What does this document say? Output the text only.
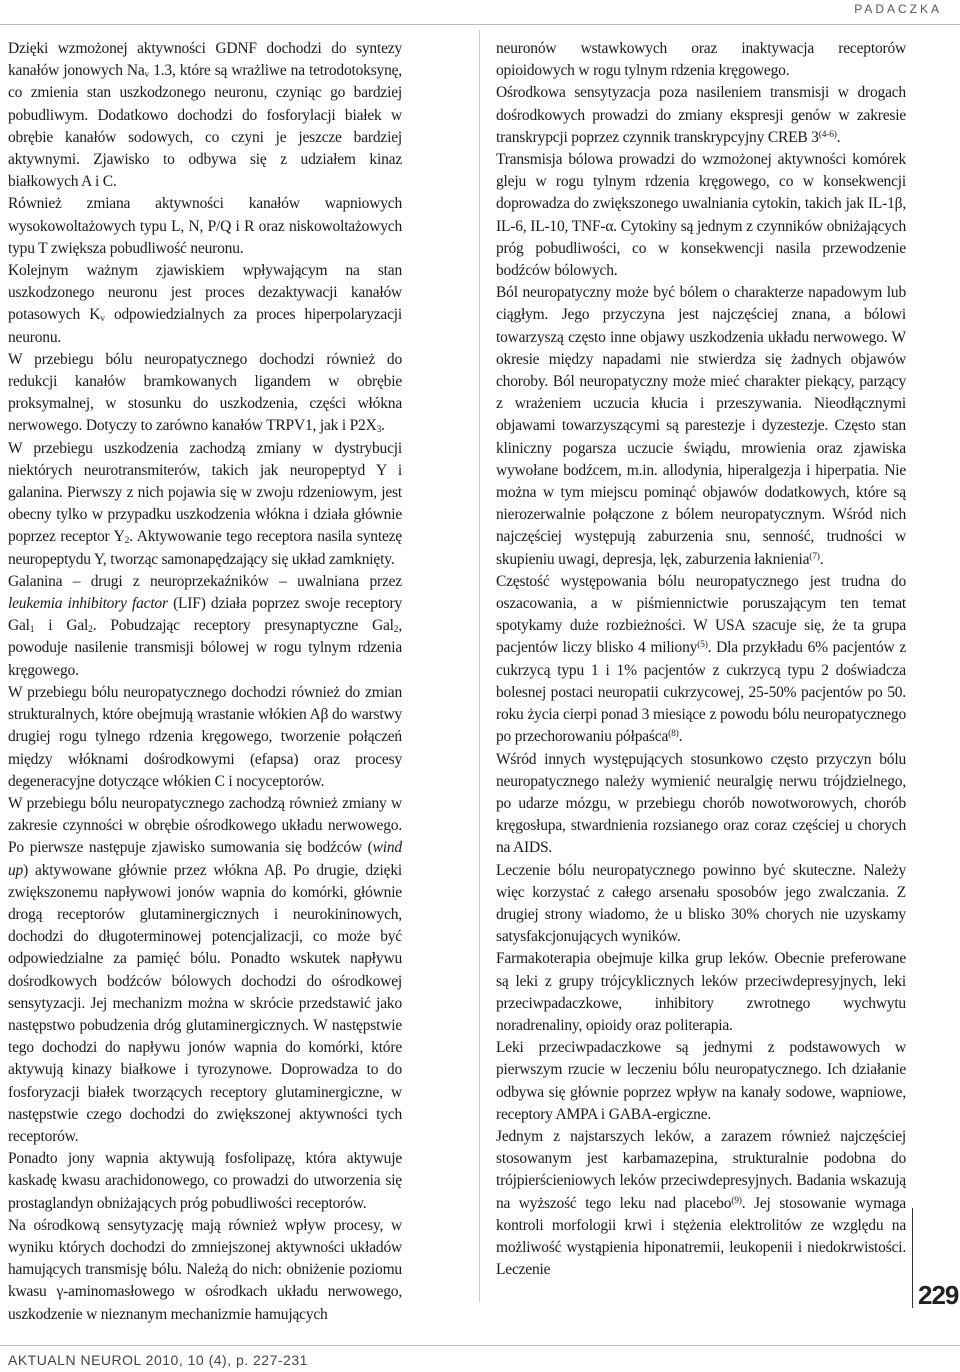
PADACZKA

Dzięki wzmożonej aktywności GDNF dochodzi do syntezy kanałów jonowych $Na_v$ 1.3, które są wrażliwe na tetrodotoksynę, co zmienia stan uszkodzonego neuronu, czyniąc go bardziej pobudliwym. Dodatkowo dochodzi do fosforylacji białek w obrębie kanałów sodowych, co czyni je jeszcze bardziej aktywnymi. Zjawisko to odbywa się z udziałem kinaz białkowych A i C.

Również zmiana aktywności kanałów wapniowych wysokowoltażowych typu L, N, P/Q i R oraz niskowoltażowych typu T zwiększa pobudliwość neuronu.

Kolejnym ważnym zjawiskiem wpływającym na stan uszkodzonego neuronu jest proces dezaktywacji kanałów potasowych $K_v$ odpowiedzialnych za proces hiperpolaryzacji neuronu.

W przebiegu bólu neuropatycznego dochodzi również do redukcji kanałów bramkowanych ligandem w obrębie proksymalnej, w stosunku do uszkodzenia, części włókna nerwowego. Dotyczy to zarówno kanałów TRPV1, jak i $P2X_3$.

W przebiegu uszkodzenia zachodzą zmiany w dystrybucji niektórych neurotransmiterów, takich jak neuropeptyd Y i galanina. Pierwszy z nich pojawia się w zwoju rdzeniowym, jest obecny tylko w przypadku uszkodzenia włókna i działa głównie poprzez receptor $Y_2$. Aktywowanie tego receptora nasila syntezę neuropeptydu Y, tworząc samonapędzający się układ zamknięty.

Galanina – drugi z neuroprzekaźników – uwalniana przez leukemia inhibitory factor (LIF) działa poprzez swoje receptory Gal$_1$ i Gal$_2$. Pobudzając receptory presynaptyczne Gal$_2$, powoduje nasilenie transmisji bólowej w rogu tylnym rdzenia kręgowego.

W przebiegu bólu neuropatycznego dochodzi również do zmian strukturalnych, które obejmują wrastanie włókien Aβ do warstwy drugiej rogu tylnego rdzenia kręgowego, tworzenie połączeń między włóknami dośrodkowymi (efapsa) oraz procesy degeneracyjne dotyczące włókien C i nocyceptorów.

W przebiegu bólu neuropatycznego zachodzą również zmiany w zakresie czynności w obrębie ośrodkowego układu nerwowego. Po pierwsze następuje zjawisko sumowania się bodźców (wind up) aktywowane głównie przez włókna Aβ. Po drugie, dzięki zwiększonemu napływowi jonów wapnia do komórki, głównie drogą receptorów glutaminergicznych i neurokininowych, dochodzi do długoterminowej potencjalizacji, co może być odpowiedzialne za pamięć bólu. Ponadto wskutek napływu dośrodkowych bodźców bólowych dochodzi do ośrodkowej sensytyzacji. Jej mechanizm można w skrócie przedstawić jako następstwo pobudzenia dróg glutaminergicznych. W następstwie tego dochodzi do napływu jonów wapnia do komórki, które aktywują kinazy białkowe i tyrozynowe. Doprowadza to do fosforyzacji białek tworzących receptory glutaminergiczne, w następstwie czego dochodzi do zwiększonej aktywności tych receptorów.

Ponadto jony wapnia aktywują fosfolipazę, która aktywuje kaskadę kwasu arachidonowego, co prowadzi do utworzenia się prostaglandyn obniżających próg pobudliwości receptorów.

Na ośrodkową sensytyzację mają również wpływ procesy, w wyniku których dochodzi do zmniejszonej aktywności układów hamujących transmisję bólu. Należą do nich: obniżenie poziomu kwasu γ-aminomasłowego w ośrodkach układu nerwowego, uszkodzenie w nieznanym mechanizmie hamujących

neuronów wstawkowych oraz inaktywacja receptorów opioidowych w rogu tylnym rdzenia kręgowego.

Ośrodkowa sensytyzacja poza nasileniem transmisji w drogach dośrodkowych prowadzi do zmiany ekspresji genów w zakresie transkrypcji poprzez czynnik transkrypcyjny CREB 3$^{(4-6)}$.

Transmisja bólowa prowadzi do wzmożonej aktywności komórek gleju w rogu tylnym rdzenia kręgowego, co w konsekwencji doprowadza do zwiększonego uwalniania cytokin, takich jak IL-1β, IL-6, IL-10, TNF-α. Cytokiny są jednym z czynników obniżających próg pobudliwości, co w konsekwencji nasila przewodzenie bodźców bólowych.

Ból neuropatyczny może być bólem o charakterze napadowym lub ciągłym. Jego przyczyna jest najczęściej znana, a bólowi towarzyszą często inne objawy uszkodzenia układu nerwowego. W okresie między napadami nie stwierdza się żadnych objawów choroby. Ból neuropatyczny może mieć charakter piekący, parzący z wrażeniem uczucia kłucia i przeszywania. Nieodłącznymi objawami towarzyszącymi są parestezje i dyzestezje. Często stan kliniczny pogarsza uczucie świądu, mrowienia oraz zjawiska wywołane bodźcem, m.in. allodynia, hiperalgezja i hiperpatia. Nie można w tym miejscu pominąć objawów dodatkowych, które są nierozerwalnie połączone z bólem neuropatycznym. Wśród nich najczęściej występują zaburzenia snu, senność, trudności w skupieniu uwagi, depresja, lęk, zaburzenia łaknienia$^{(7)}$.

Częstość występowania bólu neuropatycznego jest trudna do oszacowania, a w piśmiennictwie poruszającym ten temat spotykamy duże rozbieżności. W USA szacuje się, że ta grupa pacjentów liczy blisko 4 miliony$^{(5)}$. Dla przykładu 6% pacjentów z cukrzycą typu 1 i 1% pacjentów z cukrzycą typu 2 doświadcza bolesnej postaci neuropatii cukrzycowej, 25-50% pacjentów po 50. roku życia cierpi ponad 3 miesiące z powodu bólu neuropatycznego po przechorowaniu półpaśca$^{(8)}$.

Wśród innych występujących stosunkowo często przyczyn bólu neuropatycznego należy wymienić neuralgię nerwu trójdzielnego, po udarze mózgu, w przebiegu chorób nowotworowych, chorób kręgosłupa, stwardnienia rozsianego oraz coraz częściej u chorych na AIDS.

Leczenie bólu neuropatycznego powinno być skuteczne. Należy więc korzystać z całego arsenału sposobów jego zwalczania. Z drugiej strony wiadomo, że u blisko 30% chorych nie uzyskamy satysfakcjonujących wyników.

Farmakoterapia obejmuje kilka grup leków. Obecnie preferowane są leki z grupy trójcyklicznych leków przeciwdepresyjnych, leki przeciwpadaczkowe, inhibitory zwrotnego wychwytu noradrenaliny, opioidy oraz politerapia.

Leki przeciwpadaczkowe są jednymi z podstawowych w pierwszym rzucie w leczeniu bólu neuropatycznego. Ich działanie odbywa się głównie poprzez wpływ na kanały sodowe, wapniowe, receptory AMPA i GABA-ergiczne.

Jednym z najstarszych leków, a zarazem również najczęściej stosowanym jest karbamazepina, strukturalnie podobna do trójpierścieniowych leków przeciwdepresyjnych. Badania wskazują na wyższość tego leku nad placebo$^{(9)}$. Jej stosowanie wymaga kontroli morfologii krwi i stężenia elektrolitów ze względu na możliwość wystąpienia hiponatremii, leukopenii i niedokrwistości. Leczenie

229
AKTUALN NEUROL 2010, 10 (4), p. 227-231
